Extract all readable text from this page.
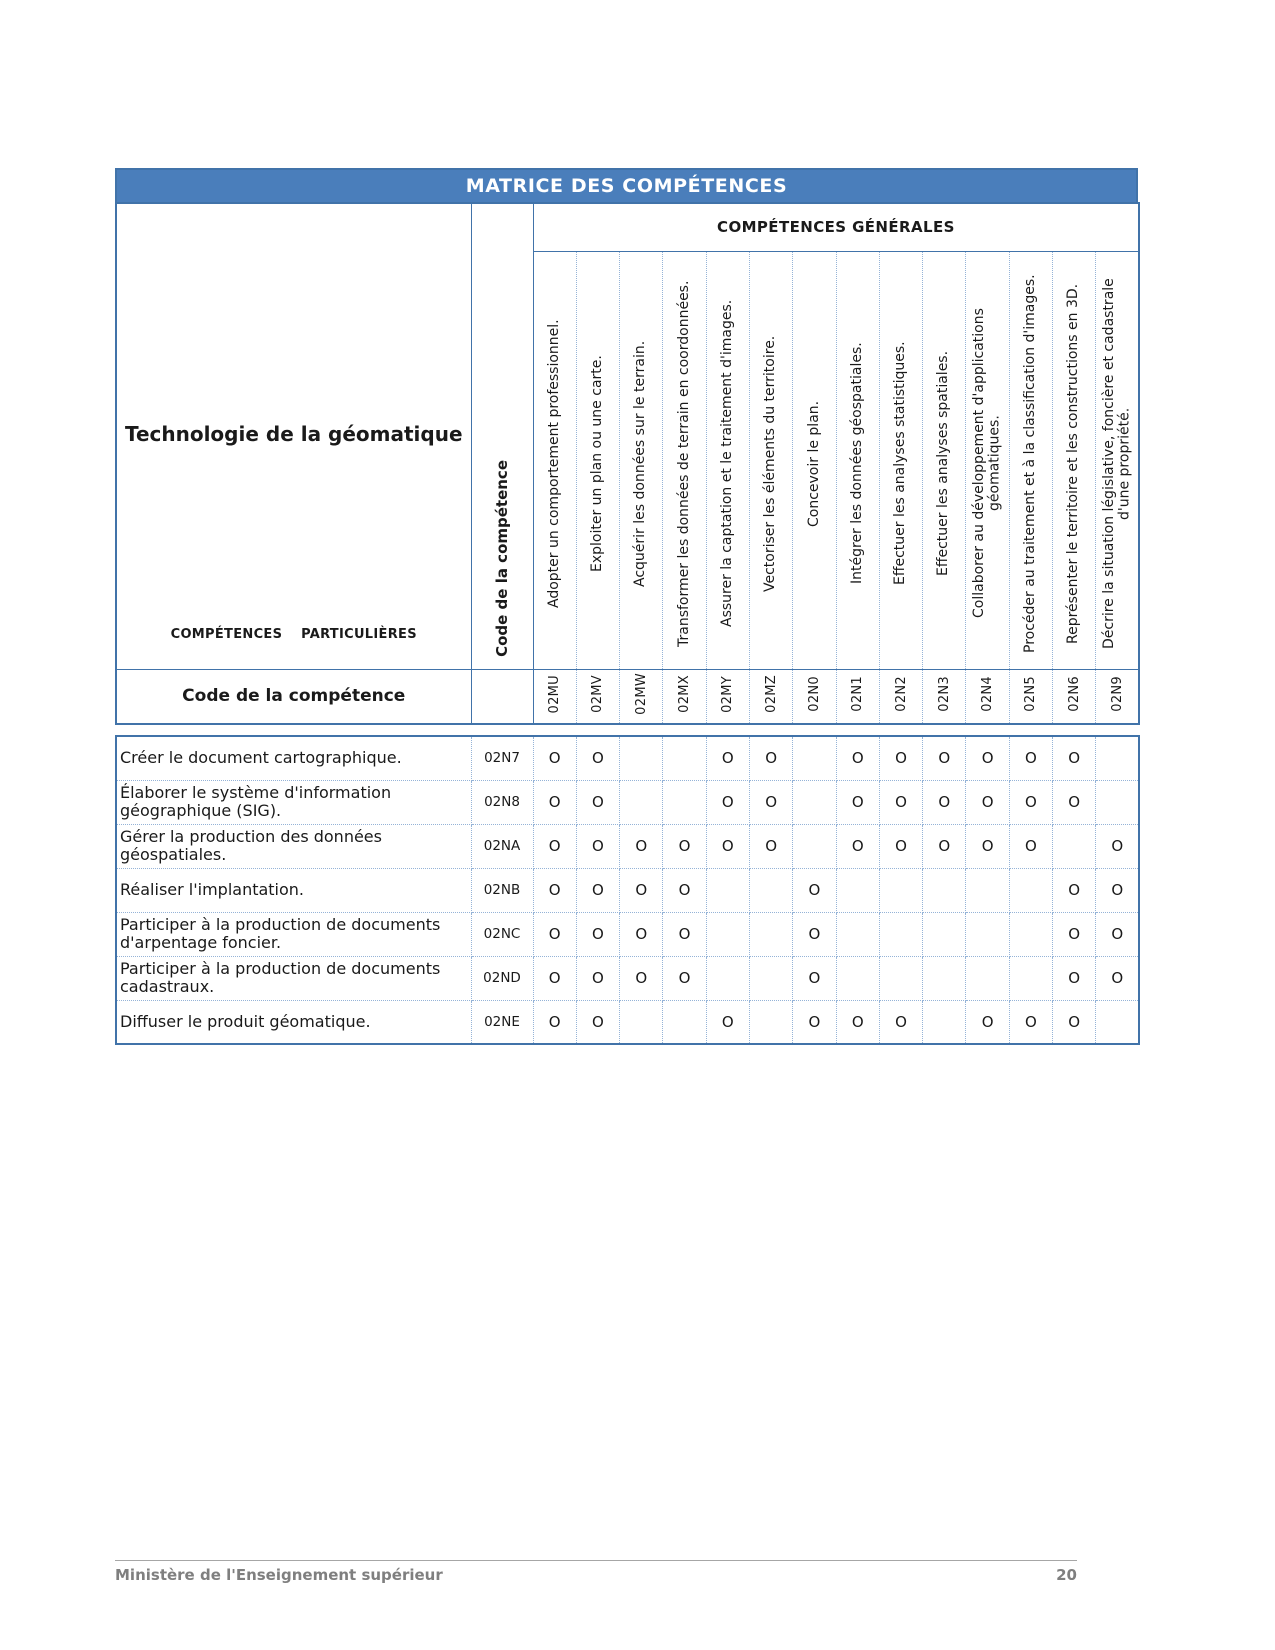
MATRICE DES COMPÉTENCES
Technologie de la géomatique
COMPÉTENCES PARTICULIÈRES	Code de la compétence	COMPÉTENCES GÉNÉRALES													
		Adopter un comportement professionnel.	Exploiter un plan ou une carte.	Acquérir les données sur le terrain.	Transformer les données de terrain en coordonnées.	Assurer la captation et le traitement d'images.	Vectoriser les éléments du territoire.	Concevoir le plan.	Intégrer les données géospatiales.	Effectuer les analyses statistiques.	Effectuer les analyses spatiales.	Collaborer au développement d'applications géomatiques.	Procéder au traitement et à la classification d'images.	Représenter le territoire et les constructions en 3D.	Décrire la situation législative, foncière et cadastrale d'une propriété.
Code de la compétence		02MU	02MV	02MW	02MX	02MY	02MZ	02N0	02N1	02N2	02N3	02N4	02N5	02N6	02N9
Créer le document cartographique.	02N7	O	O			O	O		O	O	O	O	O	O	
Élaborer le système d'information géographique (SIG).	02N8	O	O			O	O		O	O	O	O	O	O	
Gérer la production des données géospatiales.	02NA	O	O	O	O	O	O		O	O	O	O	O		O
Réaliser l'implantation.	02NB	O	O	O	O			O						O	O
Participer à la production de documents d'arpentage foncier.	02NC	O	O	O	O			O						O	O
Participer à la production de documents cadastraux.	02ND	O	O	O	O			O						O	O
Diffuser le produit géomatique.	02NE	O	O			O		O	O	O		O	O	O	
Ministère de l'Enseignement supérieur	20
